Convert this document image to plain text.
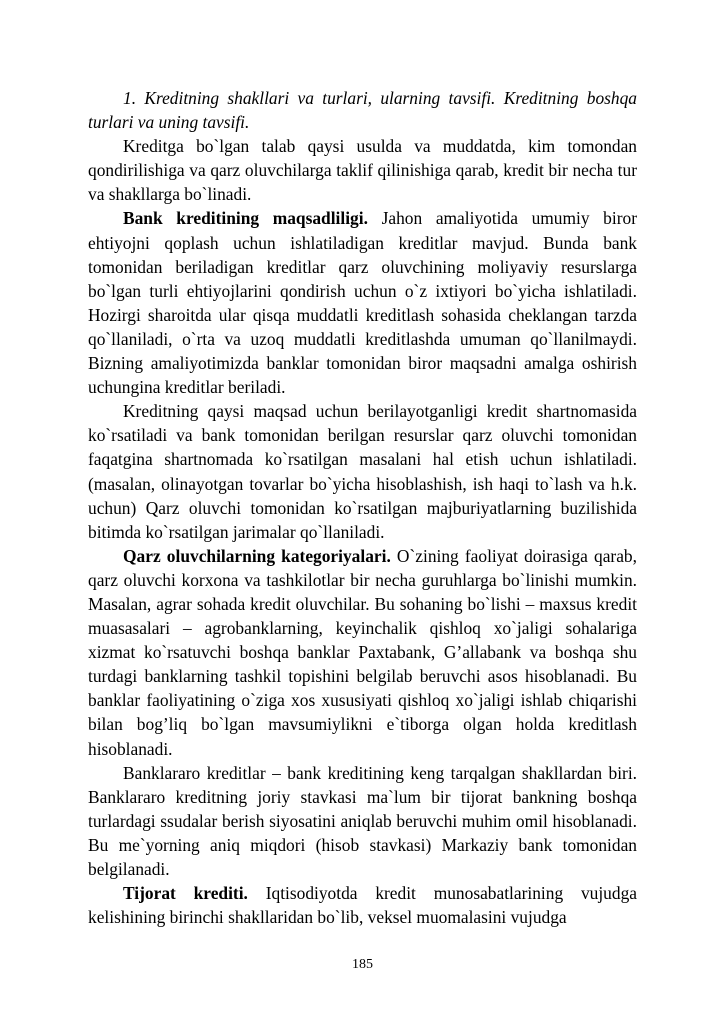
1. Kreditning shakllari va turlari, ularning tavsifi. Kreditning boshqa turlari va uning tavsifi.

Kreditga bo`lgan talab qaysi usulda va muddatda, kim tomondan qondirilishiga va qarz oluvchilarga taklif qilinishiga qarab, kredit bir necha tur va shakllarga bo`linadi.

Bank kreditining maqsadliligi. Jahon amaliyotida umumiy biror ehtiyojni qoplash uchun ishlatiladigan kreditlar mavjud. Bunda bank tomonidan beriladigan kreditlar qarz oluvchining moliyaviy resurslarga bo`lgan turli ehtiyojlarini qondirish uchun o`z ixtiyori bo`yicha ishlatiladi. Hozirgi sharoitda ular qisqa muddatli kreditlash sohasida cheklangan tarzda qo`llaniladi, o`rta va uzoq muddatli kreditlashda umuman qo`llanilmaydi. Bizning amaliyotimizda banklar tomonidan biror maqsadni amalga oshirish uchungina kreditlar beriladi.

Kreditning qaysi maqsad uchun berilayotganligi kredit shartnomasida ko`rsatiladi va bank tomonidan berilgan resurslar qarz oluvchi tomonidan faqatgina shartnomada ko`rsatilgan masalani hal etish uchun ishlatiladi. (masalan, olinayotgan tovarlar bo`yicha hisoblashish, ish haqi to`lash va h.k. uchun) Qarz oluvchi tomonidan ko`rsatilgan majburiyatlarning buzilishida bitimda ko`rsatilgan jarimalar qo`llaniladi.

Qarz oluvchilarning kategoriyalari. O`zining faoliyat doirasiga qarab, qarz oluvchi korxona va tashkilotlar bir necha guruhlarga bo`linishi mumkin. Masalan, agrar sohada kredit oluvchilar. Bu sohaning bo`lishi – maxsus kredit muasasalari – agrobanklarning, keyinchalik qishloq xo`jaligi sohalariga xizmat ko`rsatuvchi boshqa banklar Paxtabank, G’allabank va boshqa shu turdagi banklarning tashkil topishini belgilab beruvchi asos hisoblanadi. Bu banklar faoliyatining o`ziga xos xususiyati qishloq xo`jaligi ishlab chiqarishi bilan bog’liq bo`lgan mavsumiylikni e`tiborga olgan holda kreditlash hisoblanadi.

Banklararo kreditlar – bank kreditining keng tarqalgan shakllardan biri. Banklararo kreditning joriy stavkasi ma`lum bir tijorat bankning boshqa turlardagi ssudalar berish siyosatini aniqlab beruvchi muhim omil hisoblanadi. Bu me`yorning aniq miqdori (hisob stavkasi) Markaziy bank tomonidan belgilanadi.

Tijorat krediti. Iqtisodiyotda kredit munosabatlarining vujudga kelishining birinchi shakllaridan bo`lib, veksel muomalasini vujudga

185
